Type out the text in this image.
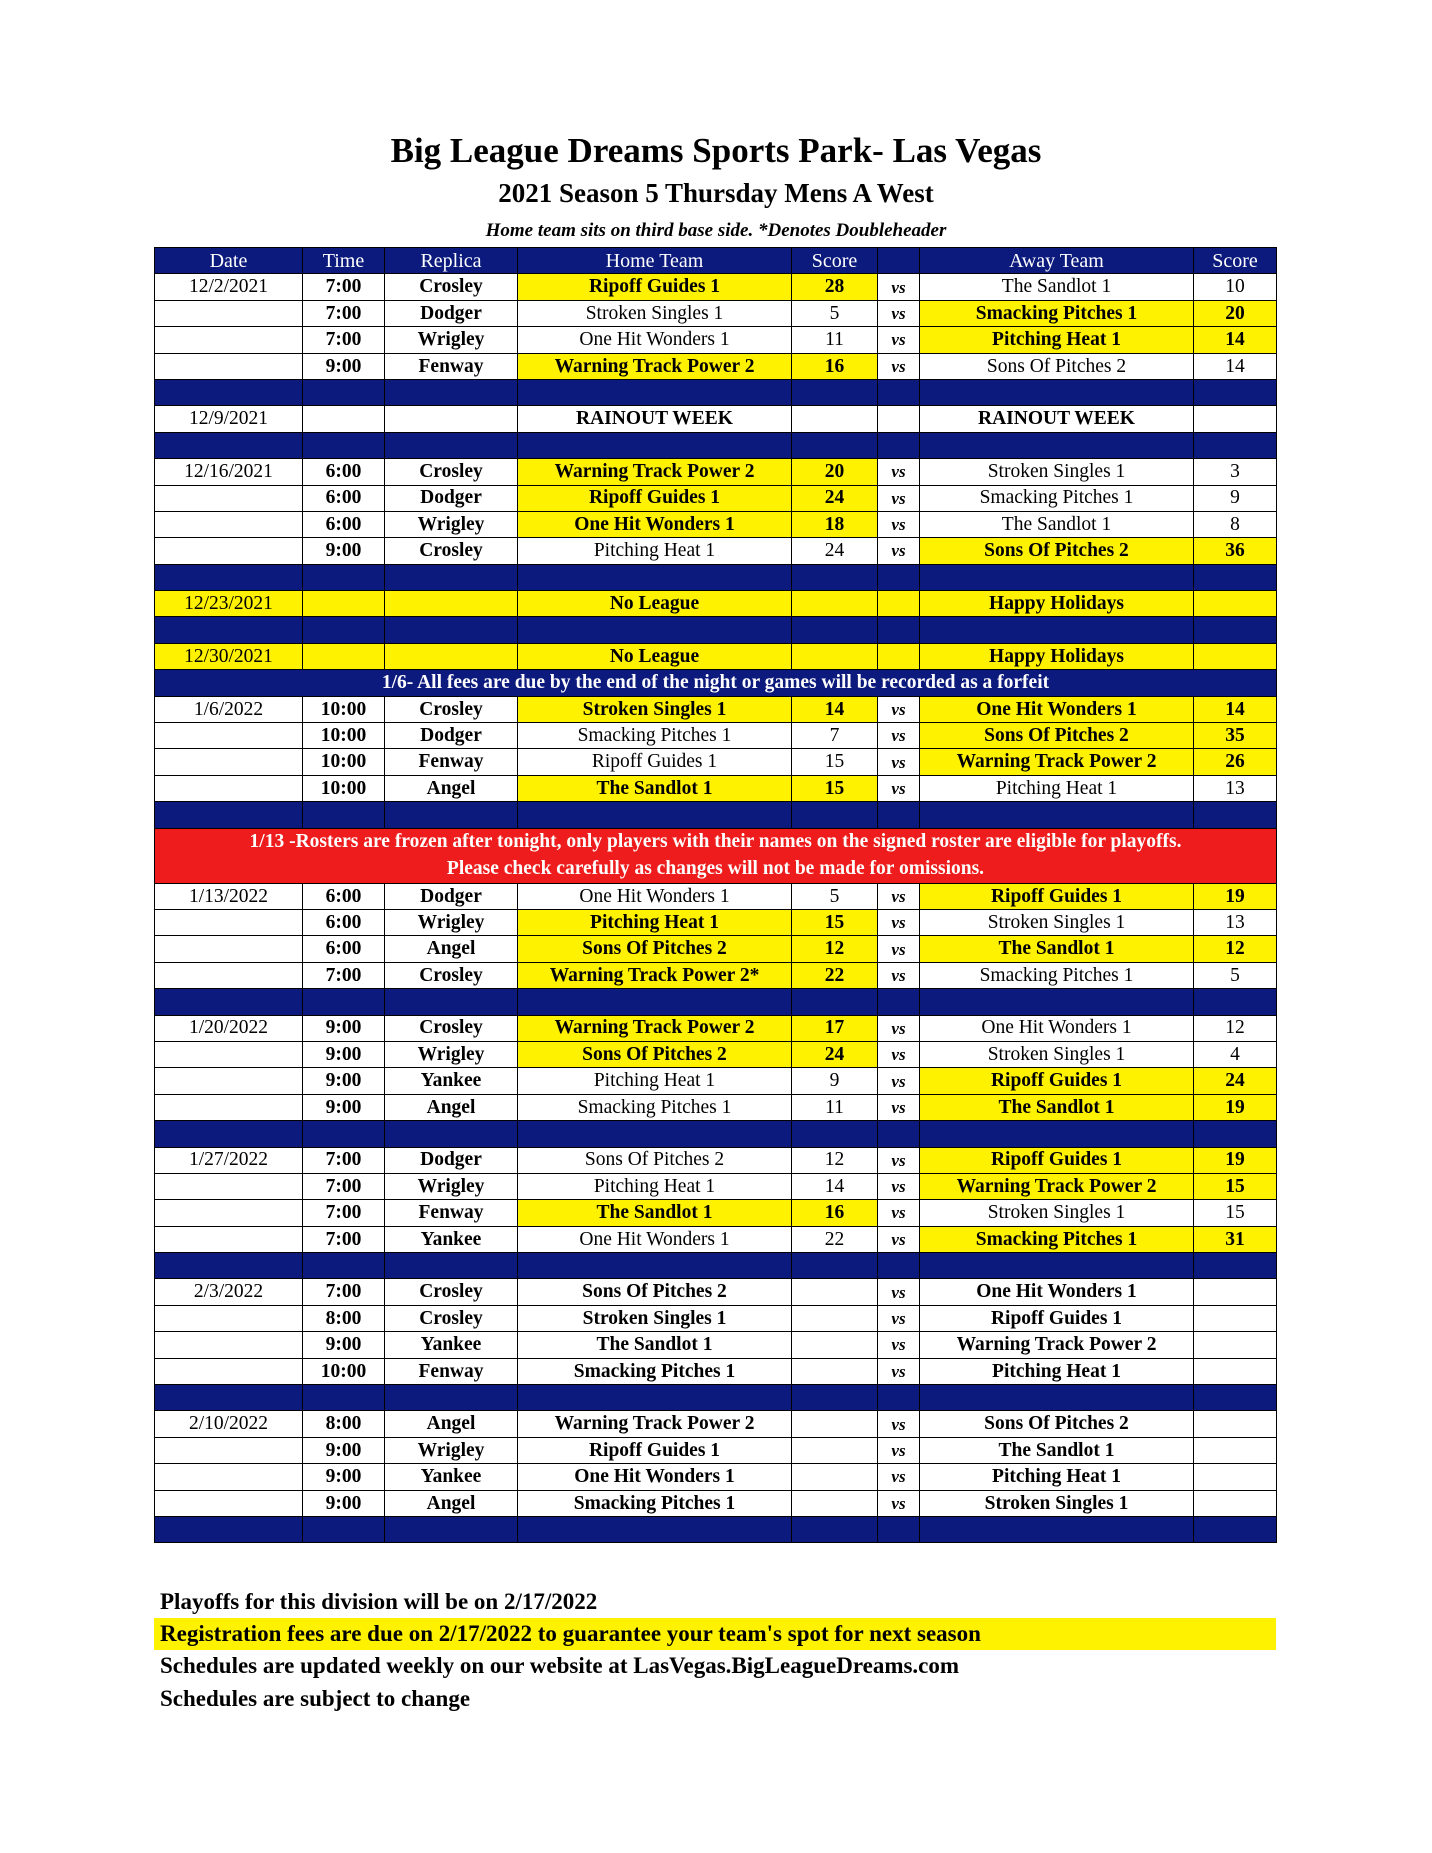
Big League Dreams Sports Park- Las Vegas
2021 Season 5 Thursday Mens A West
Home team sits on third base side. *Denotes Doubleheader
Date	Time	Replica	Home Team	Score		Away Team	Score
12/2/2021	7:00	Crosley	Ripoff Guides 1	28	vs	The Sandlot 1	10
	7:00	Dodger	Stroken Singles 1	5	vs	Smacking Pitches 1	20
	7:00	Wrigley	One Hit Wonders 1	11	vs	Pitching Heat 1	14
	9:00	Fenway	Warning Track Power 2	16	vs	Sons Of Pitches 2	14

12/9/2021			RAINOUT WEEK			RAINOUT WEEK	

12/16/2021	6:00	Crosley	Warning Track Power 2	20	vs	Stroken Singles 1	3
	6:00	Dodger	Ripoff Guides 1	24	vs	Smacking Pitches 1	9
	6:00	Wrigley	One Hit Wonders 1	18	vs	The Sandlot 1	8
	9:00	Crosley	Pitching Heat 1	24	vs	Sons Of Pitches 2	36

12/23/2021			No League			Happy Holidays	

12/30/2021			No League			Happy Holidays	
1/6- All fees are due by the end of the night or games will be recorded as a forfeit							
1/6/2022	10:00	Crosley	Stroken Singles 1	14	vs	One Hit Wonders 1	14
	10:00	Dodger	Smacking Pitches 1	7	vs	Sons Of Pitches 2	35
	10:00	Fenway	Ripoff Guides 1	15	vs	Warning Track Power 2	26
	10:00	Angel	The Sandlot 1	15	vs	Pitching Heat 1	13

1/13 -Rosters are frozen after tonight, only players with their names on the signed roster are eligible for playoffs.
Please check carefully as changes will not be made for omissions.							

1/13/2022	6:00	Dodger	One Hit Wonders 1	5	vs	Ripoff Guides 1	19
	6:00	Wrigley	Pitching Heat 1	15	vs	Stroken Singles 1	13
	6:00	Angel	Sons Of Pitches 2	12	vs	The Sandlot 1	12
	7:00	Crosley	Warning Track Power 2*	22	vs	Smacking Pitches 1	5

1/20/2022	9:00	Crosley	Warning Track Power 2	17	vs	One Hit Wonders 1	12
	9:00	Wrigley	Sons Of Pitches 2	24	vs	Stroken Singles 1	4
	9:00	Yankee	Pitching Heat 1	9	vs	Ripoff Guides 1	24
	9:00	Angel	Smacking Pitches 1	11	vs	The Sandlot 1	19

1/27/2022	7:00	Dodger	Sons Of Pitches 2	12	vs	Ripoff Guides 1	19
	7:00	Wrigley	Pitching Heat 1	14	vs	Warning Track Power 2	15
	7:00	Fenway	The Sandlot 1	16	vs	Stroken Singles 1	15
	7:00	Yankee	One Hit Wonders 1	22	vs	Smacking Pitches 1	31

2/3/2022	7:00	Crosley	Sons Of Pitches 2		vs	One Hit Wonders 1	
	8:00	Crosley	Stroken Singles 1		vs	Ripoff Guides 1	
	9:00	Yankee	The Sandlot 1		vs	Warning Track Power 2	
	10:00	Fenway	Smacking Pitches 1		vs	Pitching Heat 1	

2/10/2022	8:00	Angel	Warning Track Power 2		vs	Sons Of Pitches 2	
	9:00	Wrigley	Ripoff Guides 1		vs	The Sandlot 1	
	9:00	Yankee	One Hit Wonders 1		vs	Pitching Heat 1	
	9:00	Angel	Smacking Pitches 1		vs	Stroken Singles 1	

Playoffs for this division will be on 2/17/2022
Registration fees are due on 2/17/2022 to guarantee your team's spot for next season
Schedules are updated weekly on our website at LasVegas.BigLeagueDreams.com
Schedules are subject to change
